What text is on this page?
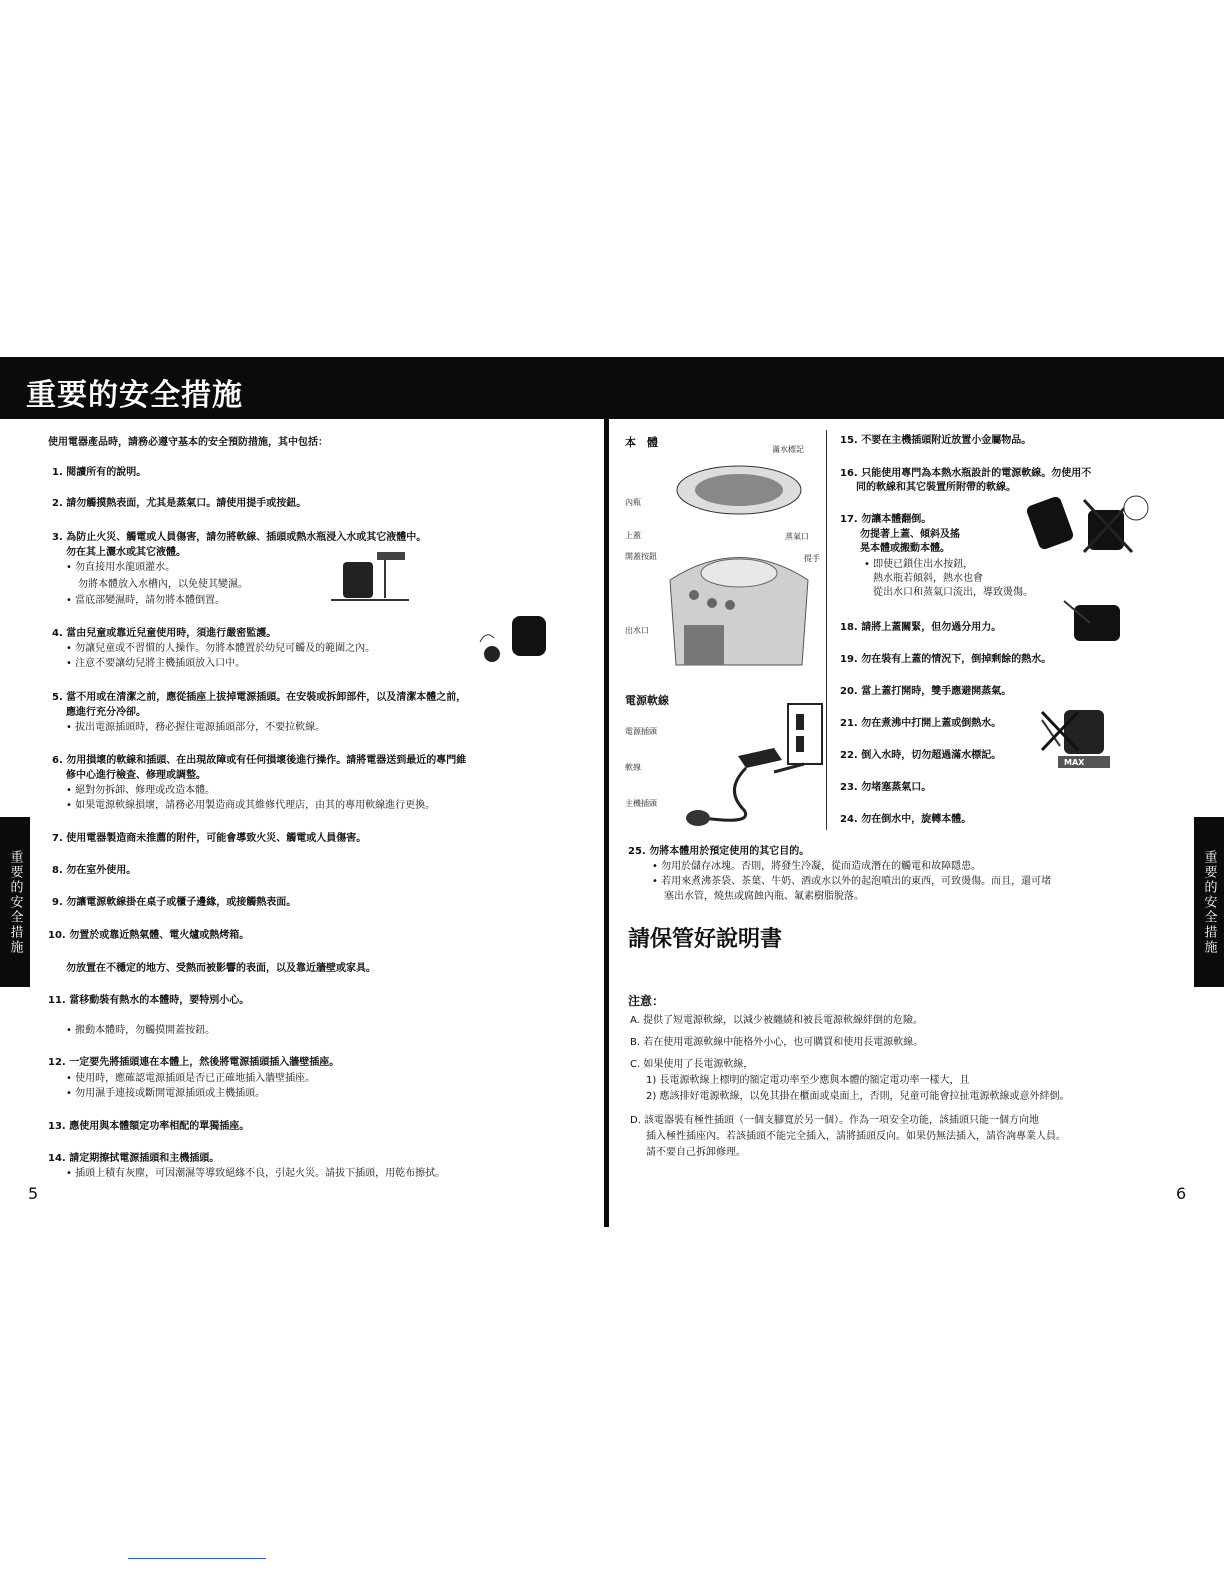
重要的安全措施
重要的安全措施	重要的安全措施
使用電器產品時，請務必遵守基本的安全預防措施，其中包括：
1. 閱讀所有的說明。
2. 請勿觸摸熱表面，尤其是蒸氣口。請使用提手或按鈕。
3. 為防止火災、觸電或人員傷害，請勿將軟線、插頭或熱水瓶浸入水或其它液體中。
勿在其上灑水或其它液體。
• 勿直接用水龍頭灌水。
勿將本體放入水槽內，以免使其變濕。
• 當底部變濕時，請勿將本體倒置。
4. 當由兒童或靠近兒童使用時，須進行嚴密監護。
• 勿讓兒童或不習慣的人操作。勿將本體置於幼兒可觸及的範圍之內。
• 注意不要讓幼兒將主機插頭放入口中。
5. 當不用或在清潔之前，應從插座上拔掉電源插頭。在安裝或拆卸部件，以及清潔本體之前，
應進行充分冷卻。
• 拔出電源插頭時，務必握住電源插頭部分，不要拉軟線。
6. 勿用損壞的軟線和插頭、在出現故障或有任何損壞後進行操作。請將電器送到最近的專門維
修中心進行檢查、修理或調整。
• 絕對勿拆卸、修理或改造本體。
• 如果電源軟線損壞，請務必用製造商或其維修代理店，由其的專用軟線進行更換。
7. 使用電器製造商未推薦的附件，可能會導致火災、觸電或人員傷害。
8. 勿在室外使用。
9. 勿讓電源軟線掛在桌子或櫃子邊緣，或接觸熱表面。
10. 勿置於或靠近熱氣體、電火爐或熱烤箱。
勿放置在不穩定的地方、受熱而被影響的表面，以及靠近牆壁或家具。
11. 當移動裝有熱水的本體時，要特別小心。
• 搬動本體時，勿觸摸開蓋按鈕。
12. 一定要先將插頭連在本體上，然後將電源插頭插入牆壁插座。
• 使用時，應確認電源插頭是否已正確地插入牆壁插座。
• 勿用濕手連接或斷開電源插頭或主機插頭。
13. 應使用與本體額定功率相配的單獨插座。
14. 請定期擦拭電源插頭和主機插頭。
• 插頭上積有灰塵，可因潮濕等導致絕緣不良，引起火災。請拔下插頭，用乾布擦拭。
5
本　體
滿水標記
內瓶
上蓋
開蓋按鈕
蒸氣口
提手
出水口
電源軟線
電源插頭
軟線
主機插頭
15. 不要在主機插頭附近放置小金屬物品。
16. 只能使用專門為本熱水瓶設計的電源軟線。勿使用不
同的軟線和其它裝置所附帶的軟線。
17. 勿讓本體翻倒。
勿提著上蓋、傾斜及搖
晃本體或搬動本體。
• 即使已鎖住出水按鈕，
熱水瓶若傾斜，熱水也會
從出水口和蒸氣口流出，導致燙傷。
18. 請將上蓋關緊，但勿過分用力。
19. 勿在裝有上蓋的情況下，倒掉剩餘的熱水。
20. 當上蓋打開時，雙手應避開蒸氣。
21. 勿在煮沸中打開上蓋或倒熱水。
22. 倒入水時，切勿超過滿水標記。
23. 勿堵塞蒸氣口。
24. 勿在倒水中，旋轉本體。
MAX
25. 勿將本體用於預定使用的其它目的。
• 勿用於儲存冰塊。否則，將發生冷凝，從而造成潛在的觸電和故障隱患。
• 若用來煮沸茶袋、茶葉、牛奶、酒或水以外的起泡噴出的東西，可致燙傷。而且，還可堵
塞出水管，燒焦或腐蝕內瓶、氟素樹脂脫落。
請保管好說明書
注意：
A. 提供了短電源軟線，以減少被纏繞和被長電源軟線絆倒的危險。
B. 若在使用電源軟線中能格外小心，也可購買和使用長電源軟線。
C. 如果使用了長電源軟線，
1) 長電源軟線上標明的額定電功率至少應與本體的額定電功率一樣大，且
2) 應該排好電源軟線，以免其掛在櫃面或桌面上，否則，兒童可能會拉扯電源軟線或意外絆倒。
D. 該電器裝有極性插頭（一個支腳寬於另一個）。作為一項安全功能，該插頭只能一個方向地
插入極性插座內。若該插頭不能完全插入，請將插頭反向。如果仍無法插入，請咨詢專業人員。
請不要自己拆卸修理。
6
